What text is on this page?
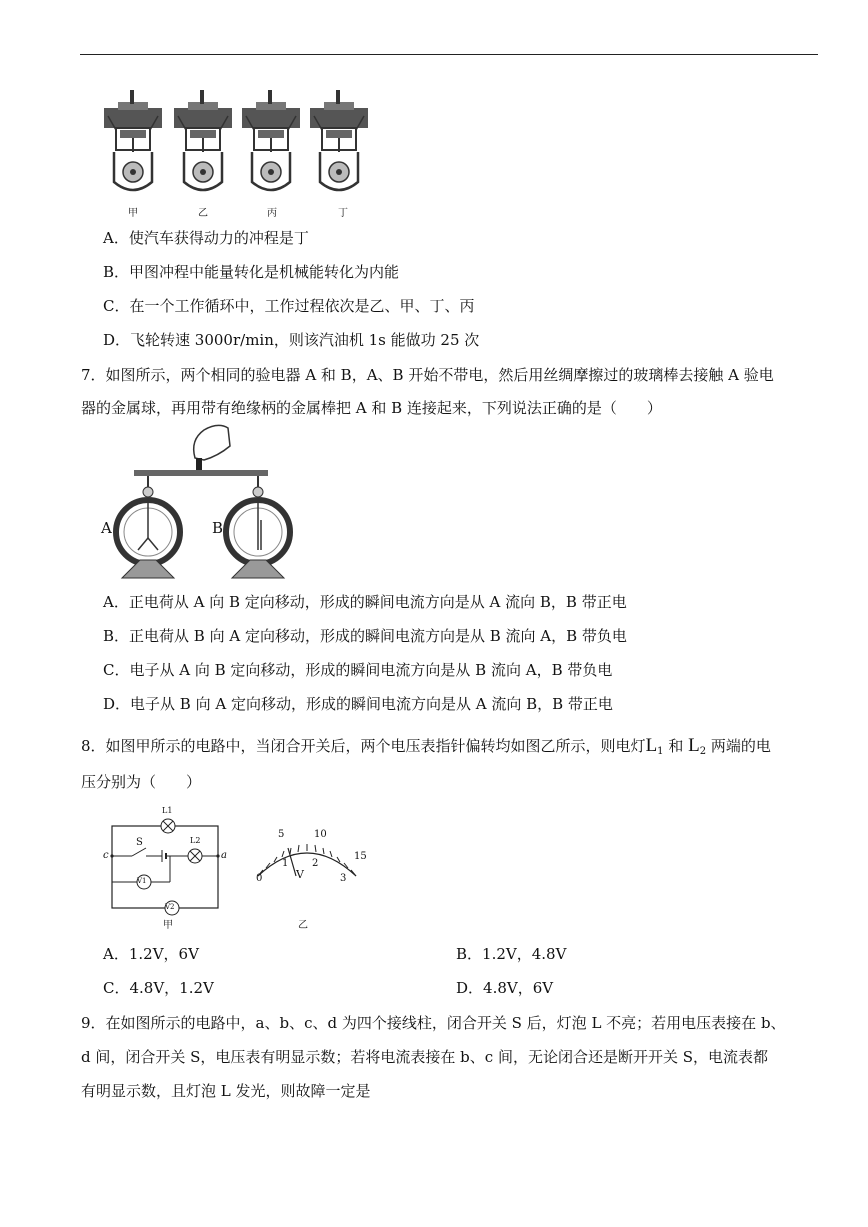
甲	乙	丙	丁
A．使汽车获得动力的冲程是丁
B．甲图冲程中能量转化是机械能转化为内能
C．在一个工作循环中，工作过程依次是乙、甲、丁、丙
D．飞轮转速 3000r/min，则该汽油机 1s 能做功 25 次
7．如图所示，两个相同的验电器 A 和 B，A、B 开始不带电，然后用丝绸摩擦过的玻璃棒去接触 A 验电
器的金属球，再用带有绝缘柄的金属棒把 A 和 B 连接起来，下列说法正确的是（　　）
A	B
A．正电荷从 A 向 B 定向移动，形成的瞬间电流方向是从 A 流向 B，B 带正电
B．正电荷从 B 向 A 定向移动，形成的瞬间电流方向是从 B 流向 A，B 带负电
C．电子从 A 向 B 定向移动，形成的瞬间电流方向是从 B 流向 A，B 带负电
D．电子从 B 向 A 定向移动，形成的瞬间电流方向是从 A 流向 B，B 带正电
8．如图甲所示的电路中，当闭合开关后，两个电压表指针偏转均如图乙所示，则电灯$L_1$ 和 $L_2$ 两端的电
压分别为（　　）
L1
L2
S
c	a
V1
V2
甲
5	10
15
0
1 2
3
V
乙
A．1.2V，6V	B．1.2V，4.8V
C．4.8V，1.2V	D．4.8V，6V
9．在如图所示的电路中，a、b、c、d 为四个接线柱，闭合开关 S 后，灯泡 L 不亮；若用电压表接在 b、
d 间，闭合开关 S，电压表有明显示数；若将电流表接在 b、c 间，无论闭合还是断开开关 S，电流表都
有明显示数，且灯泡 L 发光，则故障一定是
